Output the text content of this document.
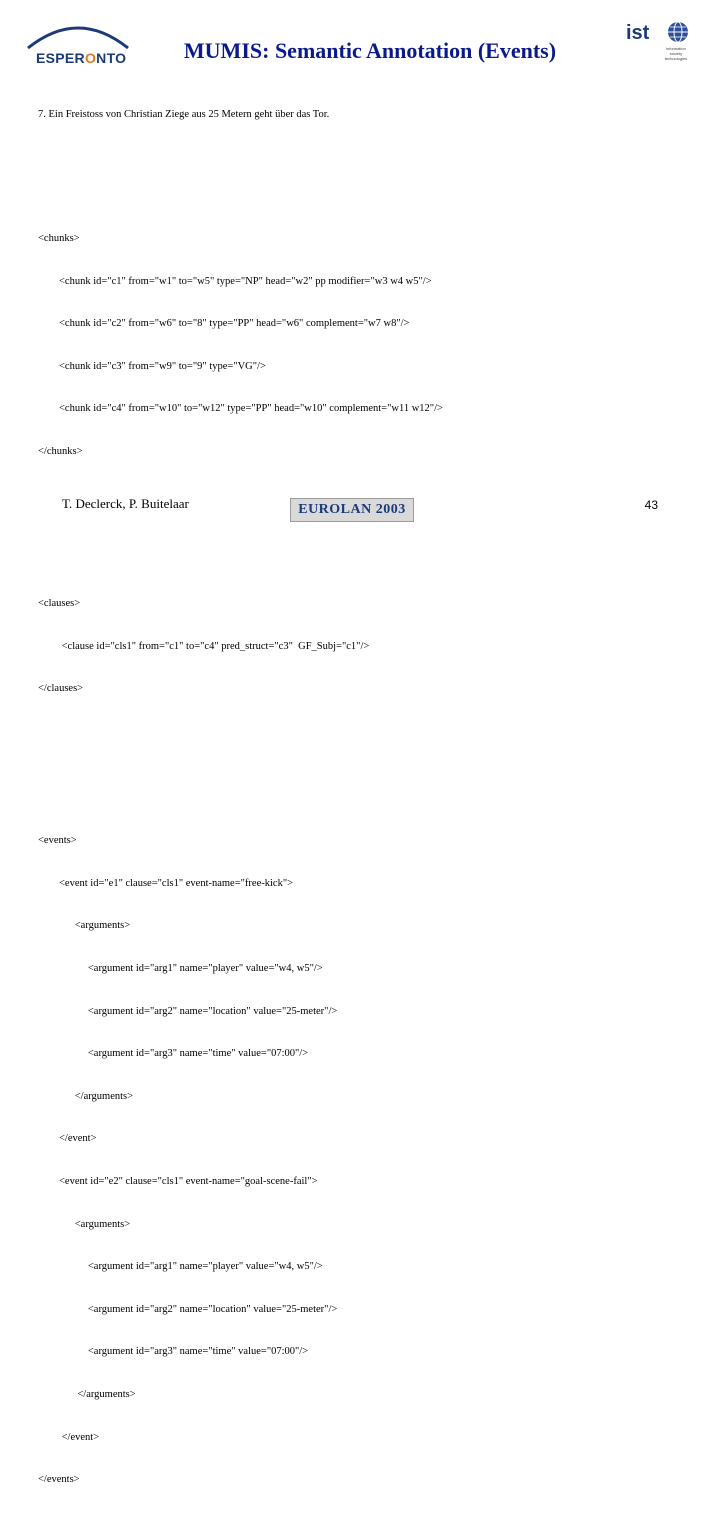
ESPERONTO	MUMIS: Semantic Annotation (Events)
ist
information
society
technologies

7. Ein Freistoss von Christian Ziege aus 25 Metern geht über das Tor.

<chunks>

<chunk id="c1" from="w1" to="w5" type="NP" head="w2" pp modifier="w3 w4 w5"/>

<chunk id="c2" from="w6" to="8" type="PP" head="w6" complement="w7 w8"/>

<chunk id="c3" from="w9" to="9" type="VG"/>

<chunk id="c4" from="w10" to="w12" type="PP" head="w10" complement="w11 w12"/>

</chunks>

<clauses>

<clause id="cls1" from="c1" to="c4" pred_struct="c3"  GF_Subj="c1"/>

</clauses>

<events>

<event id="e1" clause="cls1" event-name="free-kick">

<arguments>

<argument id="arg1" name="player" value="w4, w5"/>

<argument id="arg2" name="location" value="25-meter"/>

<argument id="arg3" name="time" value="07:00"/>

</arguments>

</event>

<event id="e2" clause="cls1" event-name="goal-scene-fail">

<arguments>

<argument id="arg1" name="player" value="w4, w5"/>

<argument id="arg2" name="location" value="25-meter"/>

<argument id="arg3" name="time" value="07:00"/>

</arguments>

</event>

</events>

T. Declerck, P. Buitelaar	EUROLAN 2003	43
